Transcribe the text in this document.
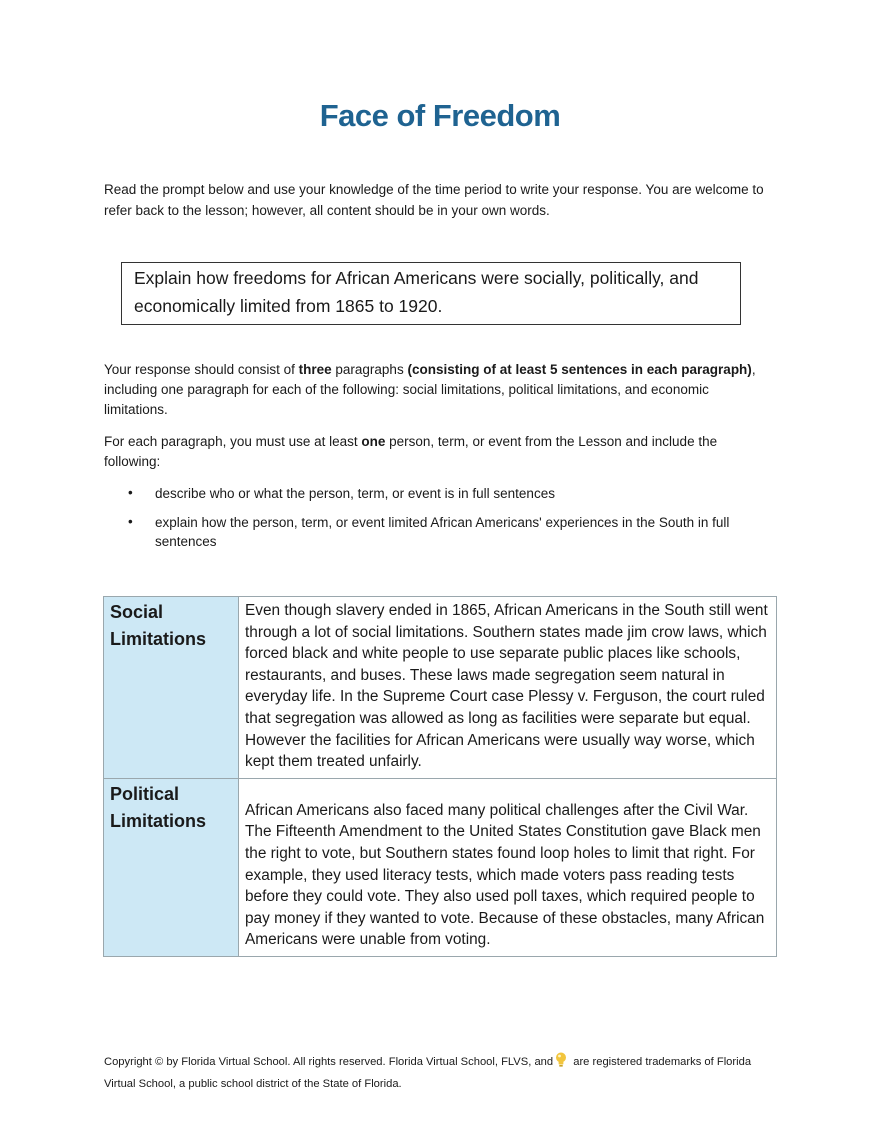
Face of Freedom

Read the prompt below and use your knowledge of the time period to write your response. You are welcome to refer back to the lesson; however, all content should be in your own words.

Explain how freedoms for African Americans were socially, politically, and economically limited from 1865 to 1920.

Your response should consist of three paragraphs (consisting of at least 5 sentences in each paragraph), including one paragraph for each of the following: social limitations, political limitations, and economic limitations.

For each paragraph, you must use at least one person, term, or event from the Lesson and include the following:

• describe who or what the person, term, or event is in full sentences
• explain how the person, term, or event limited African Americans' experiences in the South in full sentences
Social Limitations	Even though slavery ended in 1865, African Americans in the South still went through a lot of social limitations. Southern states made jim crow laws, which forced black and white people to use separate public places like schools, restaurants, and buses. These laws made segregation seem natural in everyday life. In the Supreme Court case Plessy v. Ferguson, the court ruled that segregation was allowed as long as facilities were separate but equal. However the facilities for African Americans were usually way worse, which kept them treated unfairly.
Political Limitations	African Americans also faced many political challenges after the Civil War. The Fifteenth Amendment to the United States Constitution gave Black men the right to vote, but Southern states found loop holes to limit that right. For example, they used literacy tests, which made voters pass reading tests before they could vote. They also used poll taxes, which required people to pay money if they wanted to vote. Because of these obstacles, many African Americans were unable from voting.
Copyright © by Florida Virtual School. All rights reserved. Florida Virtual School, FLVS, and are registered trademarks of Florida Virtual School, a public school district of the State of Florida.
